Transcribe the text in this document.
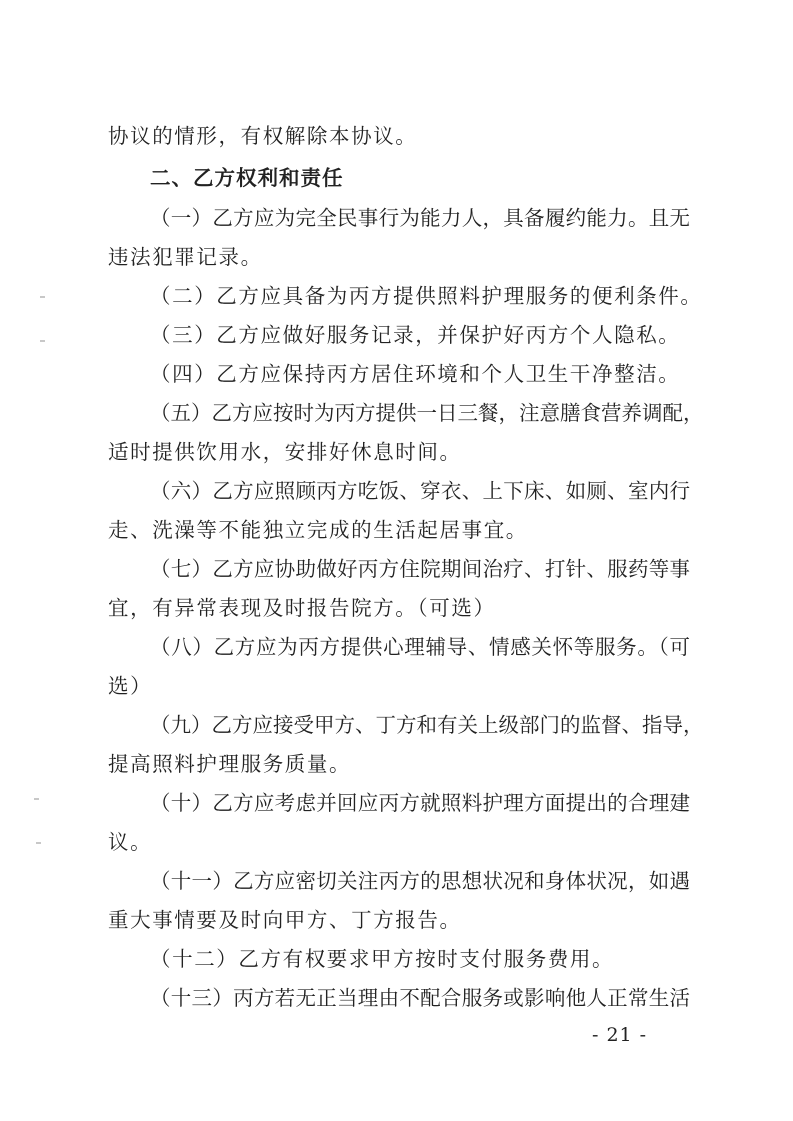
协议的情形，有权解除本协议。
二、乙方权利和责任
（一）乙方应为完全民事行为能力人，具备履约能力。且无
违法犯罪记录。
（二）乙方应具备为丙方提供照料护理服务的便利条件。
（三）乙方应做好服务记录，并保护好丙方个人隐私。
（四）乙方应保持丙方居住环境和个人卫生干净整洁。
（五）乙方应按时为丙方提供一日三餐，注意膳食营养调配，
适时提供饮用水，安排好休息时间。
（六）乙方应照顾丙方吃饭、穿衣、上下床、如厕、室内行
走、洗澡等不能独立完成的生活起居事宜。
（七）乙方应协助做好丙方住院期间治疗、打针、服药等事
宜，有异常表现及时报告院方。（可选）
（八）乙方应为丙方提供心理辅导、情感关怀等服务。（可
选）
（九）乙方应接受甲方、丁方和有关上级部门的监督、指导，
提高照料护理服务质量。
（十）乙方应考虑并回应丙方就照料护理方面提出的合理建
议。
（十一）乙方应密切关注丙方的思想状况和身体状况，如遇
重大事情要及时向甲方、丁方报告。
（十二）乙方有权要求甲方按时支付服务费用。
（十三）丙方若无正当理由不配合服务或影响他人正常生活
- 21 -
